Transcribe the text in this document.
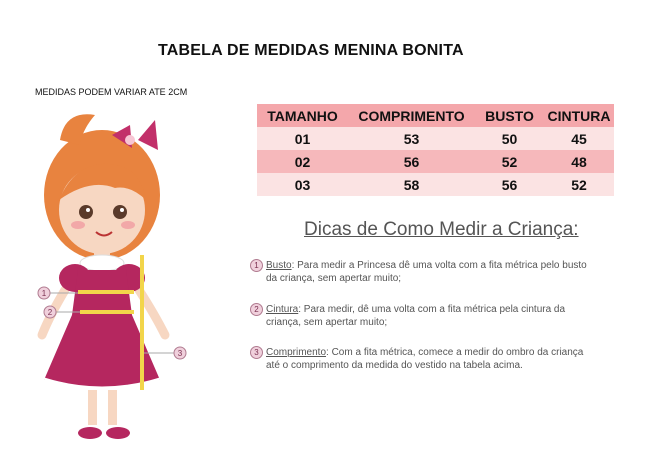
TABELA DE MEDIDAS MENINA BONITA
MEDIDAS PODEM VARIAR ATE 2CM
1
2
3
TAMANHO	COMPRIMENTO	BUSTO	CINTURA
01	53	50	45
02	56	52	48
03	58	56	52
Dicas de Como Medir a Criança:
1 Busto: Para medir a Princesa dê uma volta com a fita métrica pelo busto
da criança, sem apertar muito;
2 Cintura: Para medir, dê uma volta com a fita métrica pela cintura da
criança, sem apertar muito;
3 Comprimento: Com a fita métrica, comece a medir do ombro da criança
até o comprimento da medida do vestido na tabela acima.
